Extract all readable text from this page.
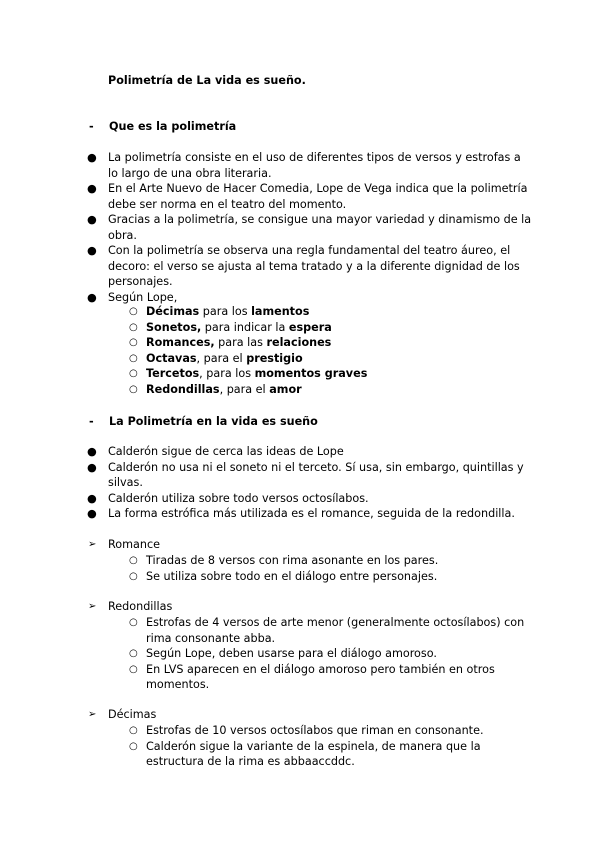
Polimetría de La vida es sueño.
- Que es la polimetría
● La polimetría consiste en el uso de diferentes tipos de versos y estrofas a lo largo de una obra literaria.
● En el Arte Nuevo de Hacer Comedia, Lope de Vega indica que la polimetría debe ser norma en el teatro del momento.
● Gracias a la polimetría, se consigue una mayor variedad y dinamismo de la obra.
● Con la polimetría se observa una regla fundamental del teatro áureo, el decoro: el verso se ajusta al tema tratado y a la diferente dignidad de los personajes.
● Según Lope,
○ Décimas para los lamentos
○ Sonetos, para indicar la espera
○ Romances, para las relaciones
○ Octavas, para el prestigio
○ Tercetos, para los momentos graves
○ Redondillas, para el amor
- La Polimetría en la vida es sueño
● Calderón sigue de cerca las ideas de Lope
● Calderón no usa ni el soneto ni el terceto. Sí usa, sin embargo, quintillas y silvas.
● Calderón utiliza sobre todo versos octosílabos.
● La forma estrófica más utilizada es el romance, seguida de la redondilla.
➢ Romance
○ Tiradas de 8 versos con rima asonante en los pares.
○ Se utiliza sobre todo en el diálogo entre personajes.
➢ Redondillas
○ Estrofas de 4 versos de arte menor (generalmente octosílabos) con rima consonante abba.
○ Según Lope, deben usarse para el diálogo amoroso.
○ En LVS aparecen en el diálogo amoroso pero también en otros momentos.
➢ Décimas
○ Estrofas de 10 versos octosílabos que riman en consonante.
○ Calderón sigue la variante de la espinela, de manera que la estructura de la rima es abbaaccddc.
